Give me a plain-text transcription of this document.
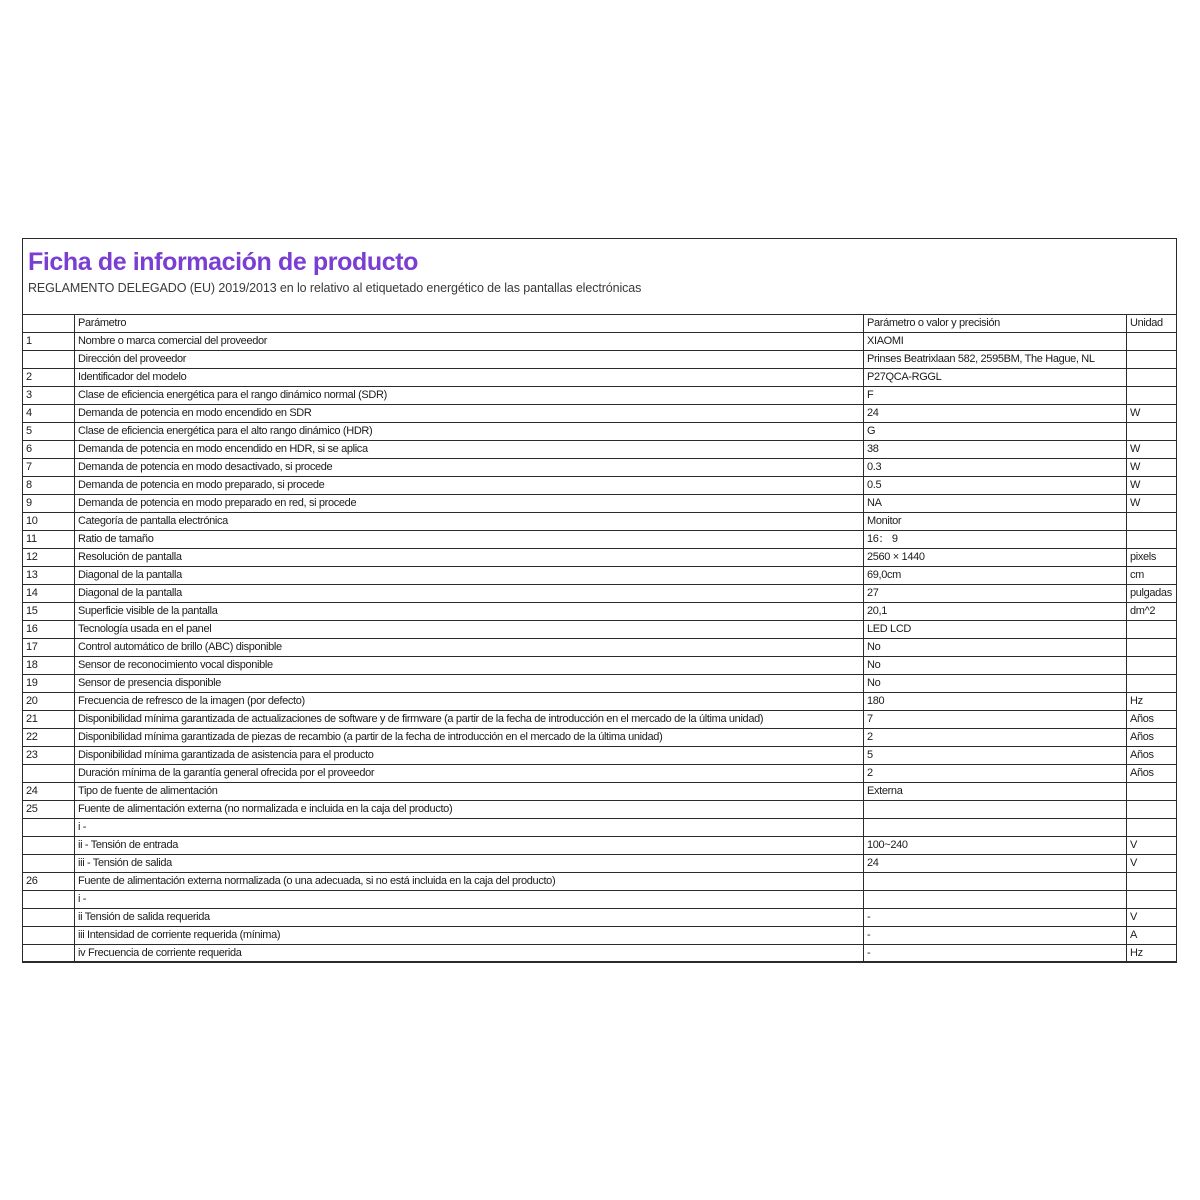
Ficha de información de producto
REGLAMENTO DELEGADO (EU) 2019/2013 en lo relativo al etiquetado energético de las pantallas electrónicas
	Parámetro	Parámetro o valor y precisión	Unidad
1	Nombre o marca comercial del proveedor	XIAOMI	
	Dirección del proveedor	Prinses Beatrixlaan 582, 2595BM, The Hague, NL	
2	Identificador del modelo	P27QCA-RGGL	
3	Clase de eficiencia energética para el rango dinámico normal (SDR)	F	
4	Demanda de potencia en modo encendido en SDR	24	W
5	Clase de eficiencia energética para el alto rango dinámico (HDR)	G	
6	Demanda de potencia en modo encendido en HDR, si se aplica	38	W
7	Demanda de potencia en modo desactivado, si procede	0.3	W
8	Demanda de potencia en modo preparado, si procede	0.5	W
9	Demanda de potencia en modo preparado en red, si procede	NA	W
10	Categoría de pantalla electrónica	Monitor	
11	Ratio de tamaño	16： 9	
12	Resolución de pantalla	2560 × 1440	pixels
13	Diagonal de la pantalla	69,0cm	cm
14	Diagonal de la pantalla	27	pulgadas
15	Superficie visible de la pantalla	20,1	dm^2
16	Tecnología usada en el panel	LED LCD	
17	Control automático de brillo (ABC) disponible	No	
18	Sensor de reconocimiento vocal disponible	No	
19	Sensor de presencia disponible	No	
20	Frecuencia de refresco de la imagen (por defecto)	180	Hz
21	Disponibilidad mínima garantizada de actualizaciones de software y de firmware (a partir de la fecha de introducción en el mercado de la última unidad)	7	Años
22	Disponibilidad mínima garantizada de piezas de recambio (a partir de la fecha de introducción en el mercado de la última unidad)	2	Años
23	Disponibilidad mínima garantizada de asistencia para el producto	5	Años
	Duración mínima de la garantía general ofrecida por el proveedor	2	Años
24	Tipo de fuente de alimentación	Externa	
25	Fuente de alimentación externa (no normalizada e incluida en la caja del producto)		
	i -		
	ii - Tensión de entrada	100~240	V
	iii - Tensión de salida	24	V
26	Fuente de alimentación externa normalizada (o una adecuada, si no está incluida en la caja del producto)		
	i -		
	ii Tensión de salida requerida	-	V
	iii Intensidad de corriente requerida (mínima)	-	A
	iv Frecuencia de corriente requerida	-	Hz
